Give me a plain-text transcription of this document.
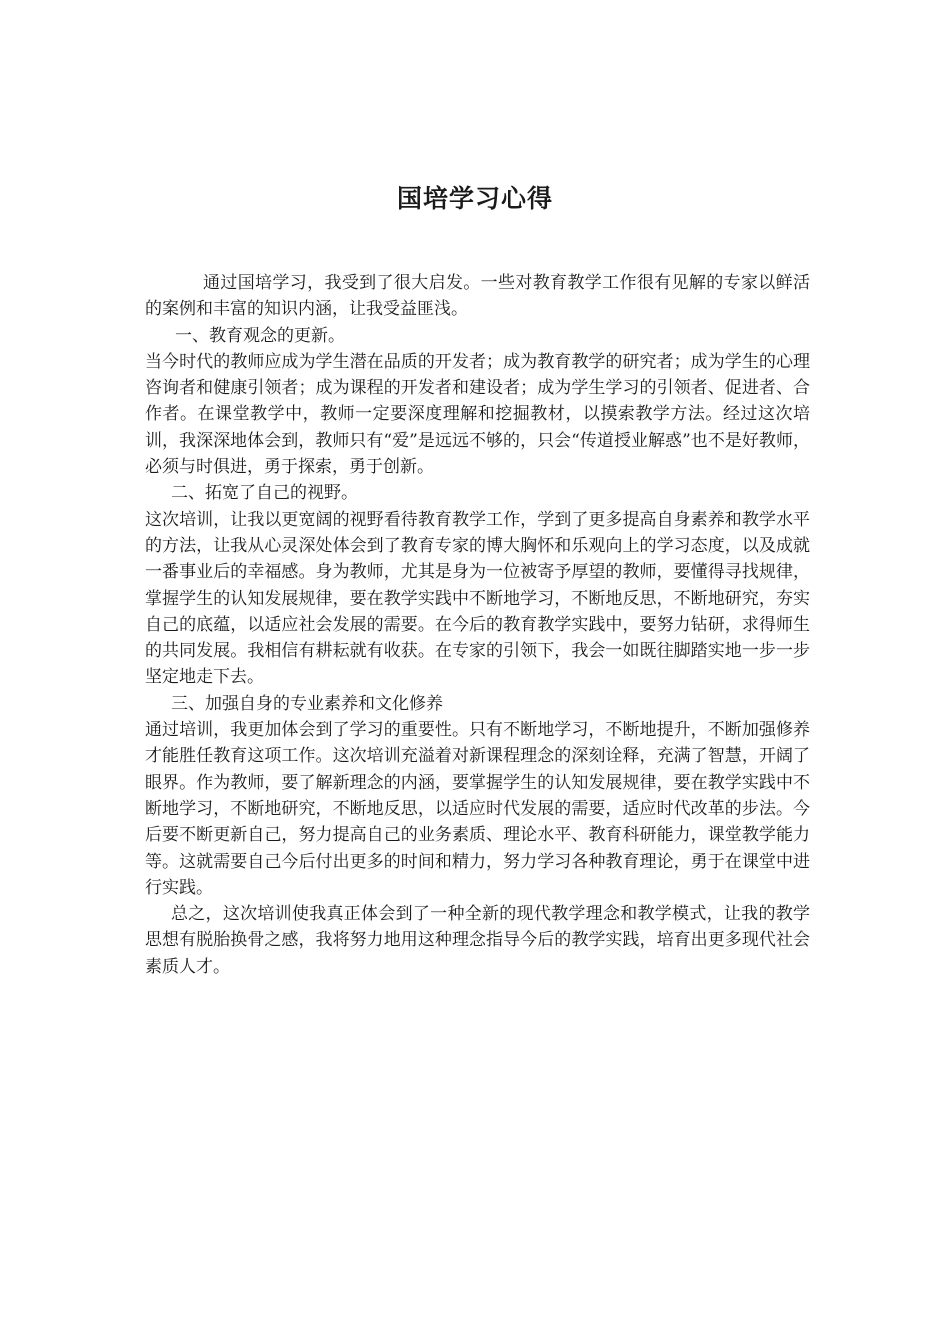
国培学习心得

通过国培学习，我受到了很大启发。一些对教育教学工作很有见解的专家以鲜活的案例和丰富的知识内涵，让我受益匪浅。

一、教育观念的更新。

当今时代的教师应成为学生潜在品质的开发者；成为教育教学的研究者；成为学生的心理咨询者和健康引领者；成为课程的开发者和建设者；成为学生学习的引领者、促进者、合作者。在课堂教学中，教师一定要深度理解和挖掘教材，以摸索教学方法。经过这次培训，我深深地体会到，教师只有“爱”是远远不够的，只会“传道授业解惑”也不是好教师，必须与时俱进，勇于探索，勇于创新。

二、拓宽了自己的视野。

这次培训，让我以更宽阔的视野看待教育教学工作，学到了更多提高自身素养和教学水平的方法，让我从心灵深处体会到了教育专家的博大胸怀和乐观向上的学习态度，以及成就一番事业后的幸福感。身为教师，尤其是身为一位被寄予厚望的教师，要懂得寻找规律，掌握学生的认知发展规律，要在教学实践中不断地学习，不断地反思，不断地研究，夯实自己的底蕴，以适应社会发展的需要。在今后的教育教学实践中，要努力钻研，求得师生的共同发展。我相信有耕耘就有收获。在专家的引领下，我会一如既往脚踏实地一步一步坚定地走下去。

三、加强自身的专业素养和文化修养

通过培训，我更加体会到了学习的重要性。只有不断地学习，不断地提升，不断加强修养才能胜任教育这项工作。这次培训充溢着对新课程理念的深刻诠释，充满了智慧，开阔了眼界。作为教师，要了解新理念的内涵，要掌握学生的认知发展规律，要在教学实践中不断地学习，不断地研究，不断地反思，以适应时代发展的需要，适应时代改革的步法。今后要不断更新自己，努力提高自己的业务素质、理论水平、教育科研能力，课堂教学能力等。这就需要自己今后付出更多的时间和精力，努力学习各种教育理论，勇于在课堂中进行实践。

总之，这次培训使我真正体会到了一种全新的现代教学理念和教学模式，让我的教学思想有脱胎换骨之感，我将努力地用这种理念指导今后的教学实践，培育出更多现代社会素质人才。
